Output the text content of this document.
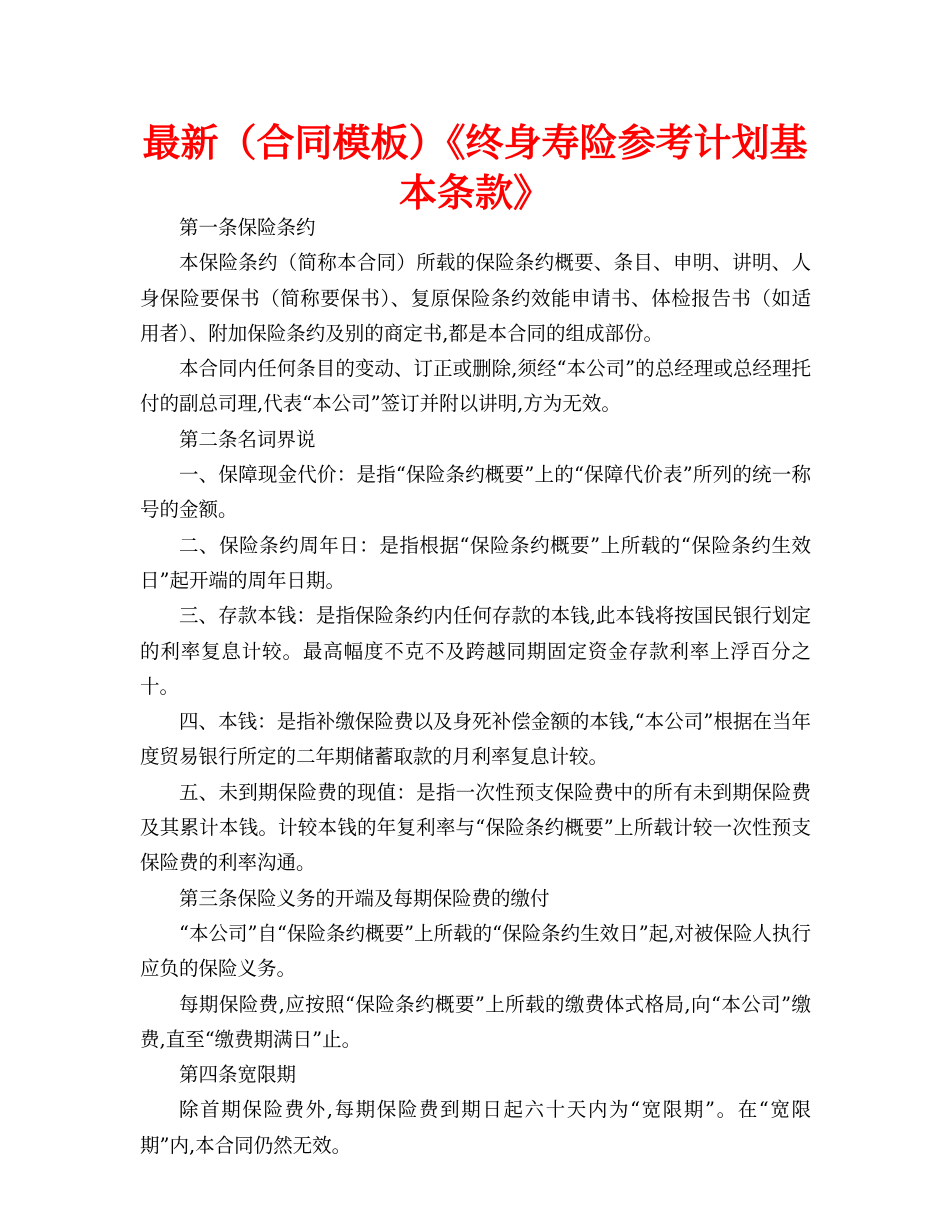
最新（合同模板）《终身寿险参考计划基本条款》

第一条保险条约

本保险条约（简称本合同）所载的保险条约概要、条目、申明、讲明、人身保险要保书（简称要保书）、复原保险条约效能申请书、体检报告书（如适用者）、附加保险条约及别的商定书,都是本合同的组成部份。

本合同内任何条目的变动、订正或删除,须经“本公司”的总经理或总经理托付的副总司理,代表“本公司”签订并附以讲明,方为无效。

第二条名词界说

一、保障现金代价：是指“保险条约概要”上的“保障代价表”所列的统一称号的金额。

二、保险条约周年日：是指根据“保险条约概要”上所载的“保险条约生效日”起开端的周年日期。

三、存款本钱：是指保险条约内任何存款的本钱,此本钱将按国民银行划定的利率复息计较。最高幅度不克不及跨越同期固定资金存款利率上浮百分之十。

四、本钱：是指补缴保险费以及身死补偿金额的本钱,“本公司”根据在当年度贸易银行所定的二年期储蓄取款的月利率复息计较。

五、未到期保险费的现值：是指一次性预支保险费中的所有未到期保险费及其累计本钱。计较本钱的年复利率与“保险条约概要”上所载计较一次性预支保险费的利率沟通。

第三条保险义务的开端及每期保险费的缴付

“本公司”自“保险条约概要”上所载的“保险条约生效日”起,对被保险人执行应负的保险义务。

每期保险费,应按照“保险条约概要”上所载的缴费体式格局,向“本公司”缴费,直至“缴费期满日”止。

第四条宽限期

除首期保险费外,每期保险费到期日起六十天内为“宽限期”。在“宽限期”内,本合同仍然无效。
